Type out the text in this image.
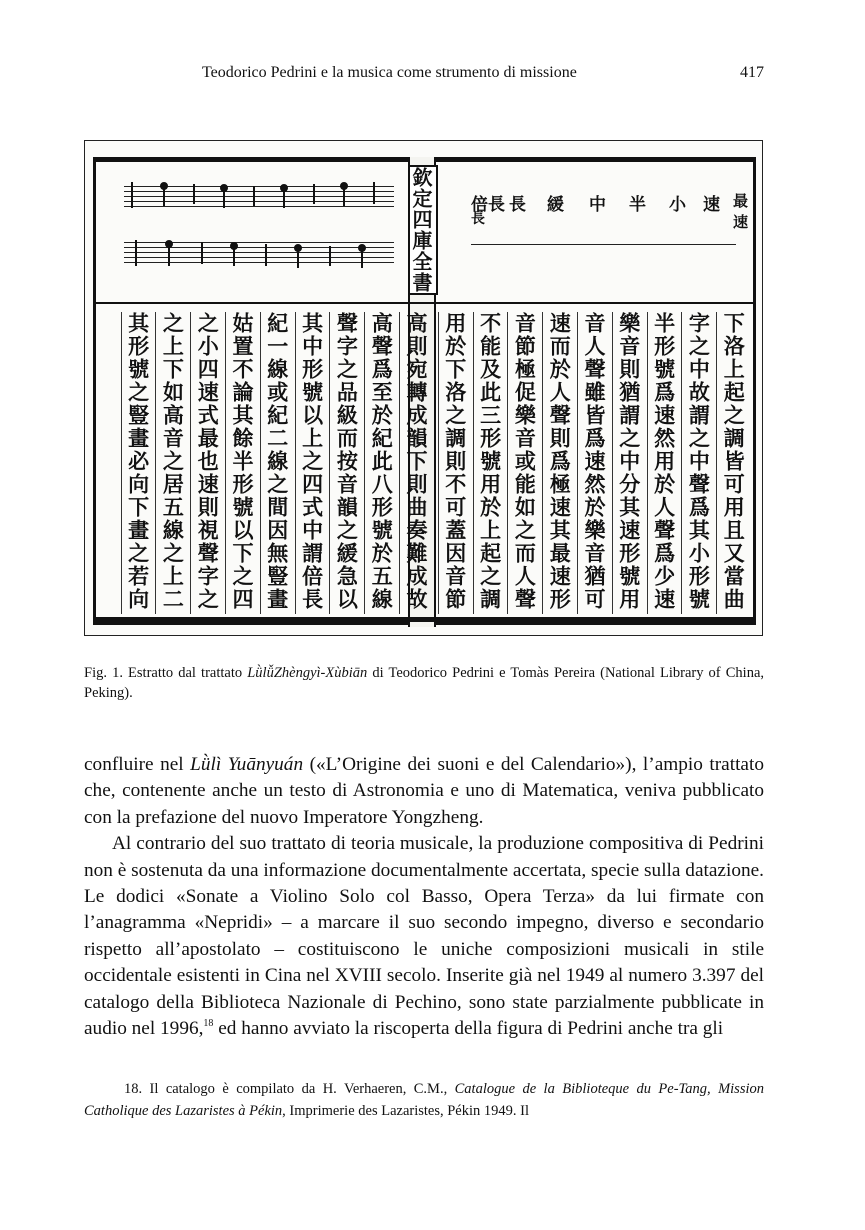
Teodorico Pedrini e la musica come strumento di missione	417
欽定四庫全書 倍長
長
長 緩 中 半 小 速 最速
下洛上起之調皆可用且又當曲
字之中故謂之中聲爲其小形號
半形號爲速然用於人聲爲少速
樂音則猶謂之中分其速形號用
音人聲雖皆爲速然於樂音猶可
速而於人聲則爲極速其最速形
音節極促樂音或能如之而人聲
不能及此三形號用於上起之調
用於下洛之調則不可蓋因音節
高則宛轉成韻下則曲奏難成故
高聲爲至於紀此八形號於五線
聲字之品級而按音韻之緩急以
其中形號以上之四式中謂倍長
紀一線或紀二線之間因無豎畫
姑置不論其餘半形號以下之四
之小四速式最也速則視聲字之
之上下如高音之居五線之上二
其形號之豎畫必向下畫之若向
Fig. 1. Estratto dal trattato LǜlǚZhèngyì-Xùbiān di Teodorico Pedrini e Tomàs Pereira (National Library of China, Peking).

confluire nel Lǜlì Yuānyuán («L’Origine dei suoni e del Calendario»), l’ampio trattato che, contenente anche un testo di Astronomia e uno di Matematica, veniva pubblicato con la prefazione del nuovo Imperatore Yongzheng.

Al contrario del suo trattato di teoria musicale, la produzione compositiva di Pedrini non è sostenuta da una informazione documentalmente accertata, specie sulla datazione. Le dodici «Sonate a Violino Solo col Basso, Opera Terza» da lui firmate con l’anagramma «Nepridi» – a marcare il suo secondo impegno, diverso e secondario rispetto all’apostolato – costituiscono le uniche composizioni musicali in stile occidentale esistenti in Cina nel XVIII secolo. Inserite già nel 1949 al numero 3.397 del catalogo della Biblioteca Nazionale di Pechino, sono state parzialmente pubblicate in audio nel 1996,18 ed hanno avviato la riscoperta della figura di Pedrini anche tra gli

18. Il catalogo è compilato da H. Verhaeren, C.M., Catalogue de la Biblioteque du Pe-Tang, Mission Catholique des Lazaristes à Pékin, Imprimerie des Lazaristes, Pékin 1949. Il
